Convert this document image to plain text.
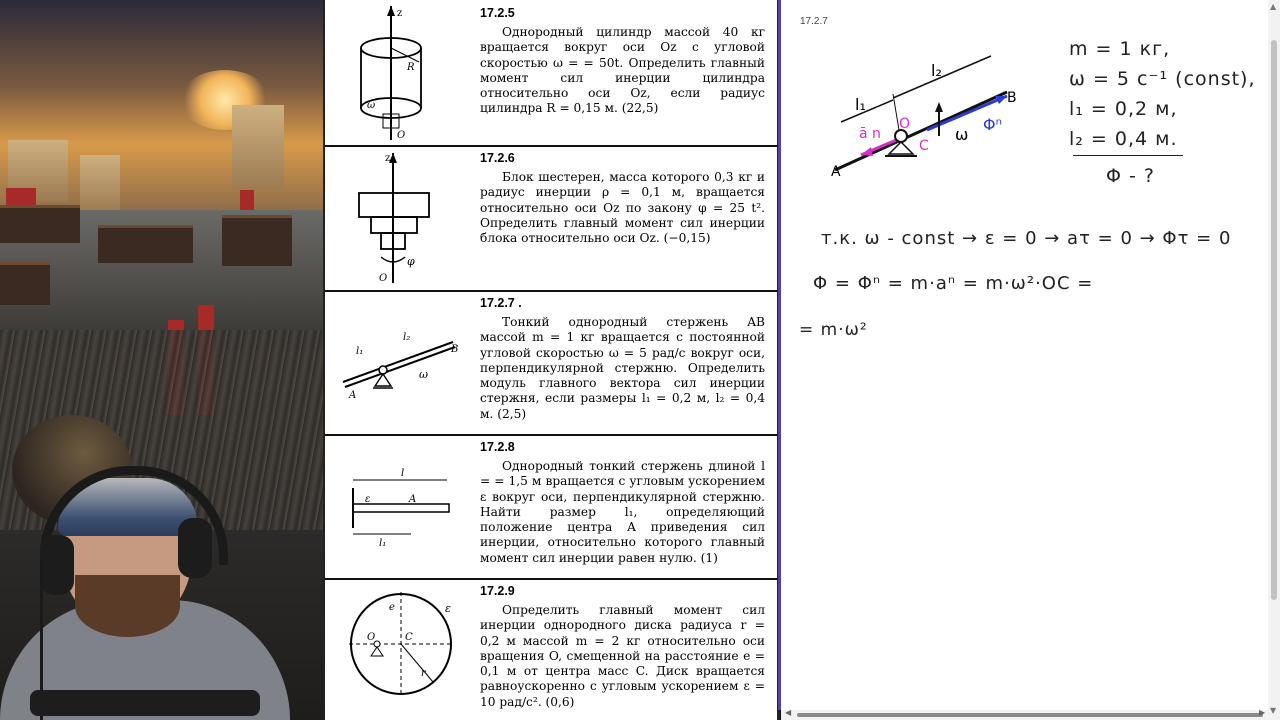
z
R
ω
O
17.2.5
Однородный цилиндр массой 40 кг вращается вокруг оси Oz с угловой скоростью ω = = 50t. Определить главный момент сил инерции цилиндра относительно оси Oz, если радиус цилиндра R = 0,15 м. (22,5)
z
φ
O
17.2.6
Блок шестерен, масса которого 0,3 кг и радиус инерции ρ = 0,1 м, вращается относительно оси Oz по закону φ = 25 t². Определить главный момент сил инерции блока относительно оси Oz. (−0,15)
l₁
l₂
A
B
ω
17.2.7 .
Тонкий однородный стержень AB массой m = 1 кг вращается с постоянной угловой скоростью ω = 5 рад/с вокруг оси, перпендикулярной стержню. Определить модуль главного вектора сил инерции стержня, если размеры l₁ = 0,2 м, l₂ = 0,4 м. (2,5)
l
l₁
ε	A
17.2.8
Однородный тонкий стержень длиной l = = 1,5 м вращается с угловым ускорением ε вокруг оси, перпендикулярной стержню. Найти размер l₁, определяющий положение центра A приведения сил инерции, относительно которого главный момент сил инерции равен нулю. (1)
e
O	C
r
ε
17.2.9
Определить главный момент сил инерции однородного диска радиуса r = 0,2 м массой m = 2 кг относительно оси вращения O, смещенной на расстояние e = 0,1 м от центра масс C. Диск вращается равноускоренно с угловым ускорением ε = 10 рад/с². (0,6)
17.2.7
l₁
l₂
A
B
O
C
ā n	Φⁿ
ω
m = 1 кг,
ω = 5 c⁻¹ (const),
l₁ = 0,2 м,
l₂ = 0,4 м.
Φ - ?
т.к. ω - const → ε = 0 → aτ = 0 → Φτ = 0
Φ = Φⁿ = m·aⁿ = m·ω²·OC =
= m·ω²
▲
▼
◀	▶
